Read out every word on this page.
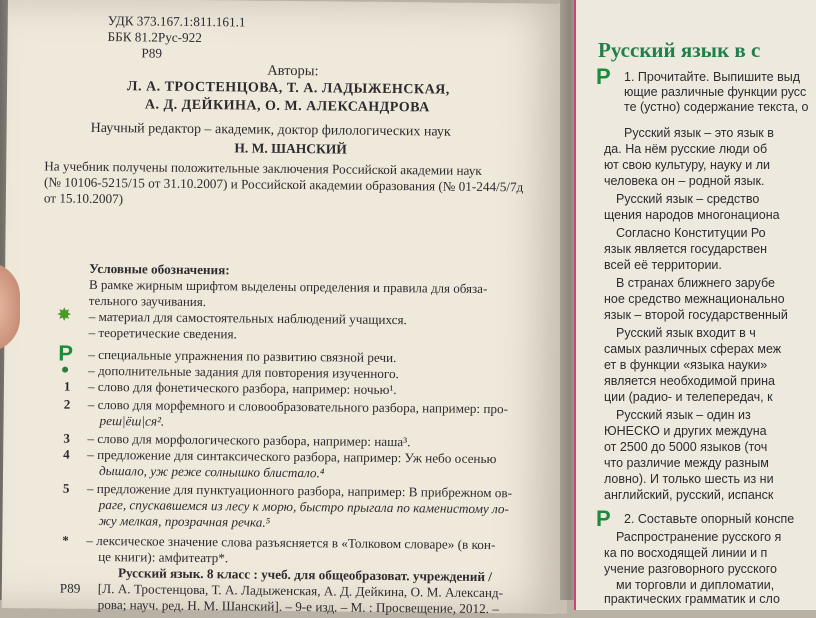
УДК 373.167.1:811.161.1
ББК 81.2Рус-922
Р89
Авторы:
Л. А. ТРОСТЕНЦОВА, Т. А. ЛАДЫЖЕНСКАЯ,
А. Д. ДЕЙКИНА, О. М. АЛЕКСАНДРОВА
Научный редактор – академик, доктор филологических наук
Н. М. ШАНСКИЙ
На учебник получены положительные заключения Российской академии наук
(№ 10106-5215/15 от 31.10.2007) и Российской академии образования (№ 01-244/5/7д
от 15.10.2007)
Условные обозначения:
В рамке жирным шрифтом выделены определения и правила для обяза-
тельного заучивания.
✸
Р
1
2
3
4
5
*
– материал для самостоятельных наблюдений учащихся.
– теоретические сведения.
– специальные упражнения по развитию связной речи.
– дополнительные задания для повторения изученного.
– слово для фонетического разбора, например: ночью¹.
– слово для морфемного и словообразовательного разбора, например: про-
реш|ёш|ся².
– слово для морфологического разбора, например: наша³.
– предложение для синтаксического разбора, например: Уж небо осенью
дышало, уж реже солнышко блистало.⁴
– предложение для пунктуационного разбора, например: В прибрежном ов-
раге, спускавшемся из лесу к морю, быстро прыгала по каменистому ло-
жу мелкая, прозрачная речка.⁵
– лексическое значение слова разъясняется в «Толковом словаре» (в кон-
це книги): амфитеатр*.
Русский язык. 8 класс : учеб. для общеобразоват. учреждений /
Р89 [Л. А. Тростенцова, Т. А. Ладыженская, А. Д. Дейкина, О. М. Александ-
рова; науч. ред. Н. М. Шанский]. – 9-е изд. – М. : Просвещение, 2012. –
Русский язык в с
Р 1. Прочитайте. Выпишите выд
ющие различные функции русс
те (устно) содержание текста, о
Русский язык – это язык в
да. На нём русские люди об
ют свою культуру, науку и ли
человека он – родной язык.
Русский язык – средство
щения народов многонациона
Согласно Конституции Ро
язык является государствен
всей её территории.
В странах ближнего зарубе
ное средство межнационально
язык – второй государственный
Русский язык входит в ч
самых различных сферах меж
ет в функции «языка науки»
является необходимой прина
ции (радио- и телепередач, к
Русский язык – один из
ЮНЕСКО и других междуна
от 2500 до 5000 языков (точ
что различие между разным
ловно). И только шесть из ни
английский, русский, испанск
Р 2. Составьте опорный конспе
Распространение русского я
ка по восходящей линии и п
учение разговорного русского
ми торговли и дипломатии,
практических грамматик и сло
